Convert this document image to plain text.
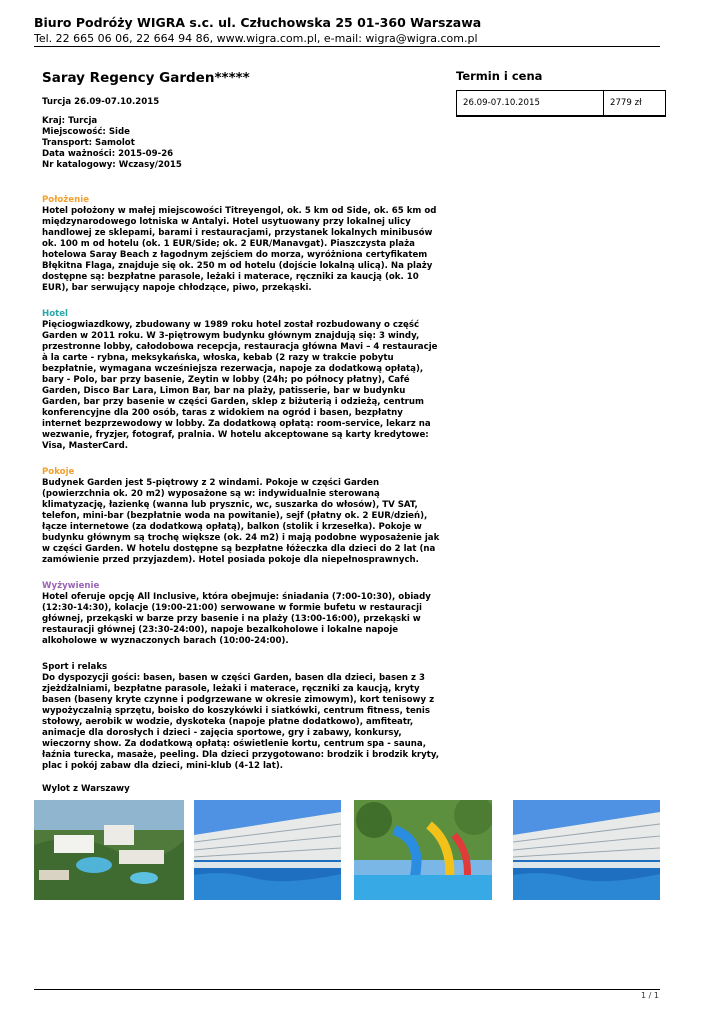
Biuro Podróży WIGRA s.c. ul. Człuchowska 25 01-360 Warszawa
Tel. 22 665 06 06, 22 664 94 86, www.wigra.com.pl, e-mail: wigra@wigra.com.pl
Saray Regency Garden*****
Turcja 26.09-07.10.2015
Kraj: Turcja
Miejscowość: Side
Transport: Samolot
Data ważności: 2015-09-26
Nr katalogowy: Wczasy/2015
Położenie
Hotel położony w małej miejscowości Titreyengol, ok. 5 km od Side, ok. 65 km od międzynarodowego lotniska w Antalyi. Hotel usytuowany przy lokalnej ulicy handlowej ze sklepami, barami i restauracjami, przystanek lokalnych minibusów ok. 100 m od hotelu (ok. 1 EUR/Side; ok. 2 EUR/Manavgat). Piaszczysta plaża hotelowa Saray Beach z łagodnym zejściem do morza, wyróżniona certyfikatem Błękitna Flaga, znajduje się ok. 250 m od hotelu (dojście lokalną ulicą). Na plaży dostępne są: bezpłatne parasole, leżaki i materace, ręczniki za kaucją (ok. 10 EUR), bar serwujący napoje chłodzące, piwo, przekąski.
Hotel
Pięciogwiazdkowy, zbudowany w 1989 roku hotel został rozbudowany o część Garden w 2011 roku. W 3-piętrowym budynku głównym znajdują się: 3 windy, przestronne lobby, całodobowa recepcja, restauracja główna Mavi – 4 restauracje à la carte - rybna, meksykańska, włoska, kebab (2 razy w trakcie pobytu bezpłatnie, wymagana wcześniejsza rezerwacja, napoje za dodatkową opłatą), bary - Polo, bar przy basenie, Zeytin w lobby (24h; po północy płatny), Café Garden, Disco Bar Lara, Limon Bar, bar na plaży, patisserie, bar w budynku Garden, bar przy basenie w części Garden, sklep z biżuterią i odzieżą, centrum konferencyjne dla 200 osób, taras z widokiem na ogród i basen, bezpłatny internet bezprzewodowy w lobby. Za dodatkową opłatą: room-service, lekarz na wezwanie, fryzjer, fotograf, pralnia. W hotelu akceptowane są karty kredytowe: Visa, MasterCard.
Pokoje
Budynek Garden jest 5-piętrowy z 2 windami. Pokoje w części Garden (powierzchnia ok. 20 m2) wyposażone są w: indywidualnie sterowaną klimatyzację, łazienkę (wanna lub prysznic, wc, suszarka do włosów), TV SAT, telefon, mini-bar (bezpłatnie woda na powitanie), sejf (płatny ok. 2 EUR/dzień), łącze internetowe (za dodatkową opłatą), balkon (stolik i krzesełka). Pokoje w budynku głównym są trochę większe (ok. 24 m2) i mają podobne wyposażenie jak w części Garden. W hotelu dostępne są bezpłatne łóżeczka dla dzieci do 2 lat (na zamówienie przed przyjazdem). Hotel posiada pokoje dla niepełnosprawnych.
Wyżywienie
Hotel oferuje opcję All Inclusive, która obejmuje: śniadania (7:00-10:30), obiady (12:30-14:30), kolacje (19:00-21:00) serwowane w formie bufetu w restauracji głównej, przekąski w barze przy basenie i na plaży (13:00-16:00), przekąski w restauracji głównej (23:30-24:00), napoje bezalkoholowe i lokalne napoje alkoholowe w wyznaczonych barach (10:00-24:00).
Sport i relaks
Do dyspozycji gości: basen, basen w części Garden, basen dla dzieci, basen z 3 zjeżdżalniami, bezpłatne parasole, leżaki i materace, ręczniki za kaucją, kryty basen (baseny kryte czynne i podgrzewane w okresie zimowym), kort tenisowy z wypożyczalnią sprzętu, boisko do koszykówki i siatkówki, centrum fitness, tenis stołowy, aerobik w wodzie, dyskoteka (napoje płatne dodatkowo), amfiteatr, animacje dla dorosłych i dzieci - zajęcia sportowe, gry i zabawy, konkursy, wieczorny show. Za dodatkową opłatą: oświetlenie kortu, centrum spa - sauna, łaźnia turecka, masaże, peeling. Dla dzieci przygotowano: brodzik i brodzik kryty, plac i pokój zabaw dla dzieci, mini-klub (4-12 lat).
Wylot z Warszawy
Termin i cena
26.09-07.10.2015	2779 zł
1 / 1
